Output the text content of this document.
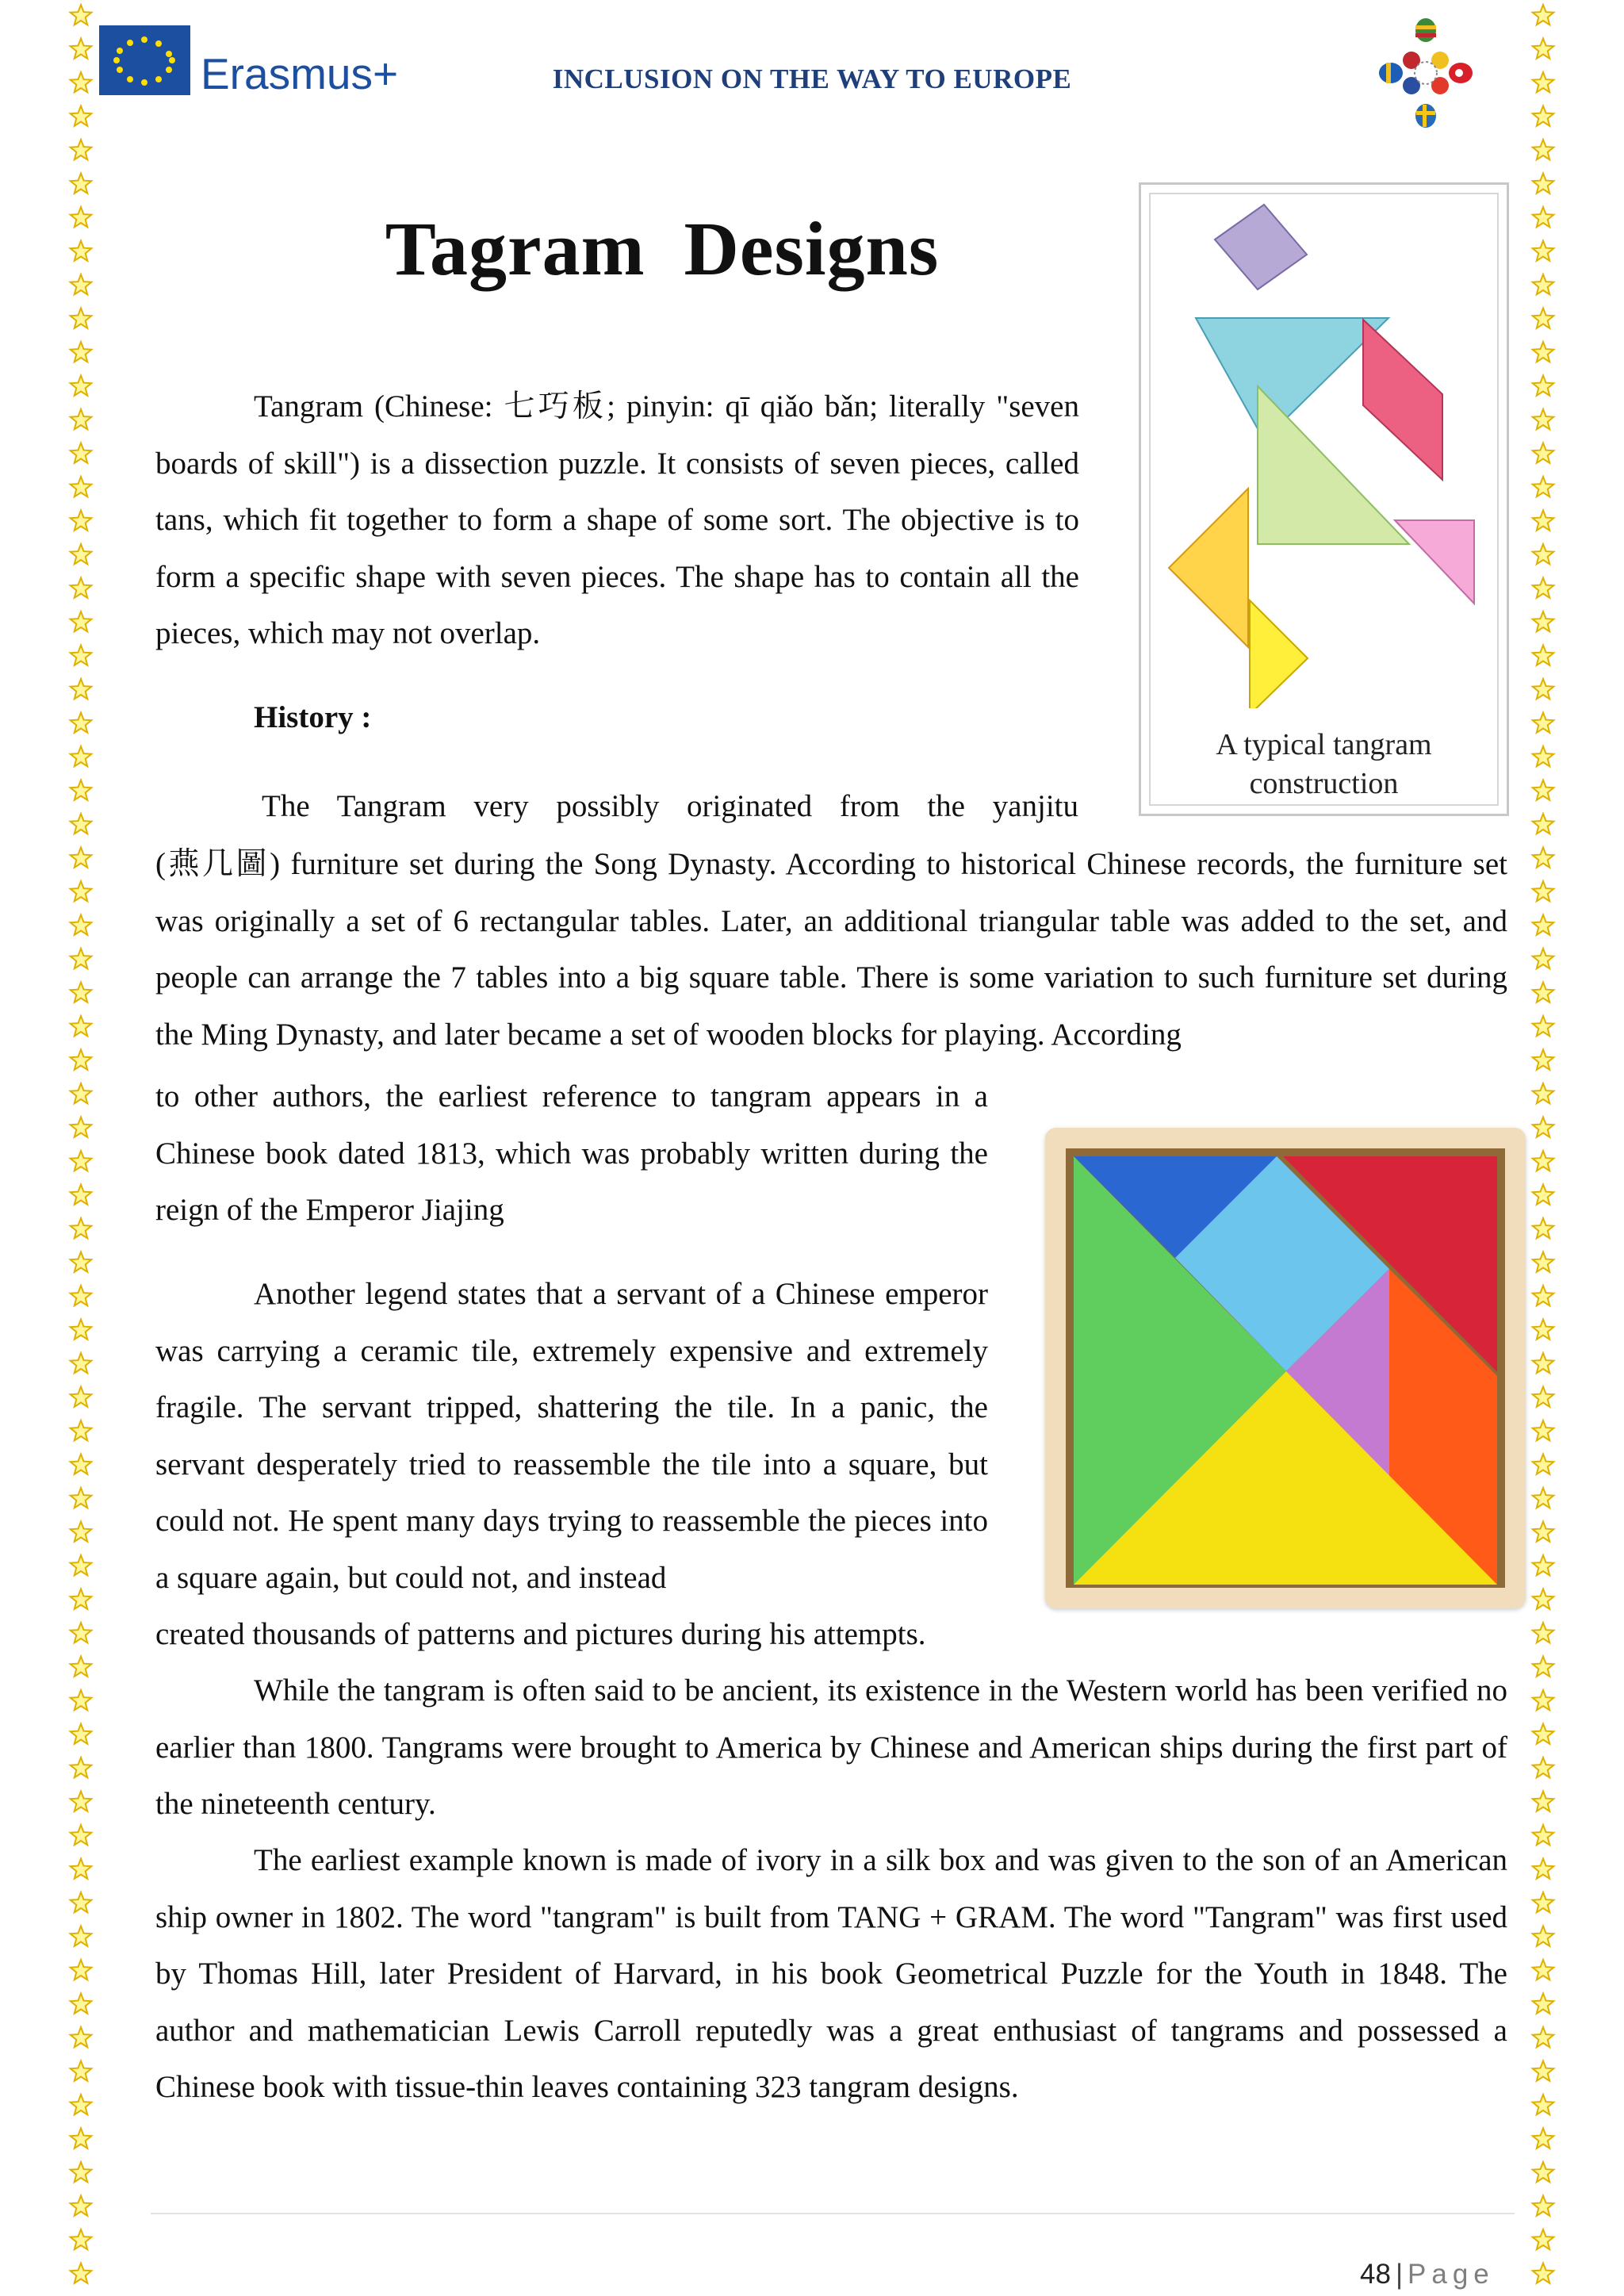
Erasmus+	INCLUSION ON THE WAY TO EUROPE
Tagram Designs

Tangram (Chinese: 七巧板; pinyin: qī qiǎo bǎn; literally "seven boards of skill") is a dissection puzzle. It consists of seven pieces, called tans, which fit together to form a shape of some sort. The objective is to form a specific shape with seven pieces. The shape has to contain all the pieces, which may not overlap.

History :

The Tangram very possibly originated from the yanjitu

(燕几圖) furniture set during the Song Dynasty. According to historical Chinese records, the furniture set was originally a set of 6 rectangular tables. Later, an additional triangular table was added to the set, and people can arrange the 7 tables into a big square table. There is some variation to such furniture set during the Ming Dynasty, and later became a set of wooden blocks for playing. According

to other authors, the earliest reference to tangram appears in a Chinese book dated 1813, which was probably written during the reign of the Emperor Jiajing

Another legend states that a servant of a Chinese emperor was carrying a ceramic tile, extremely expensive and extremely fragile. The servant tripped, shattering the tile. In a panic, the servant desperately tried to reassemble the tile into a square, but could not. He spent many days trying to reassemble the pieces into a square again, but could not, and instead

created thousands of patterns and pictures during his attempts.

While the tangram is often said to be ancient, its existence in the Western world has been verified no earlier than 1800. Tangrams were brought to America by Chinese and American ships during the first part of the nineteenth century.

The earliest example known is made of ivory in a silk box and was given to the son of an American ship owner in 1802. The word "tangram" is built from TANG + GRAM. The word "Tangram" was first used by Thomas Hill, later President of Harvard, in his book Geometrical Puzzle for the Youth in 1848. The author and mathematician Lewis Carroll reputedly was a great enthusiast of tangrams and possessed a Chinese book with tissue-thin leaves containing 323 tangram designs.

A typical tangram
construction
48 | Page
